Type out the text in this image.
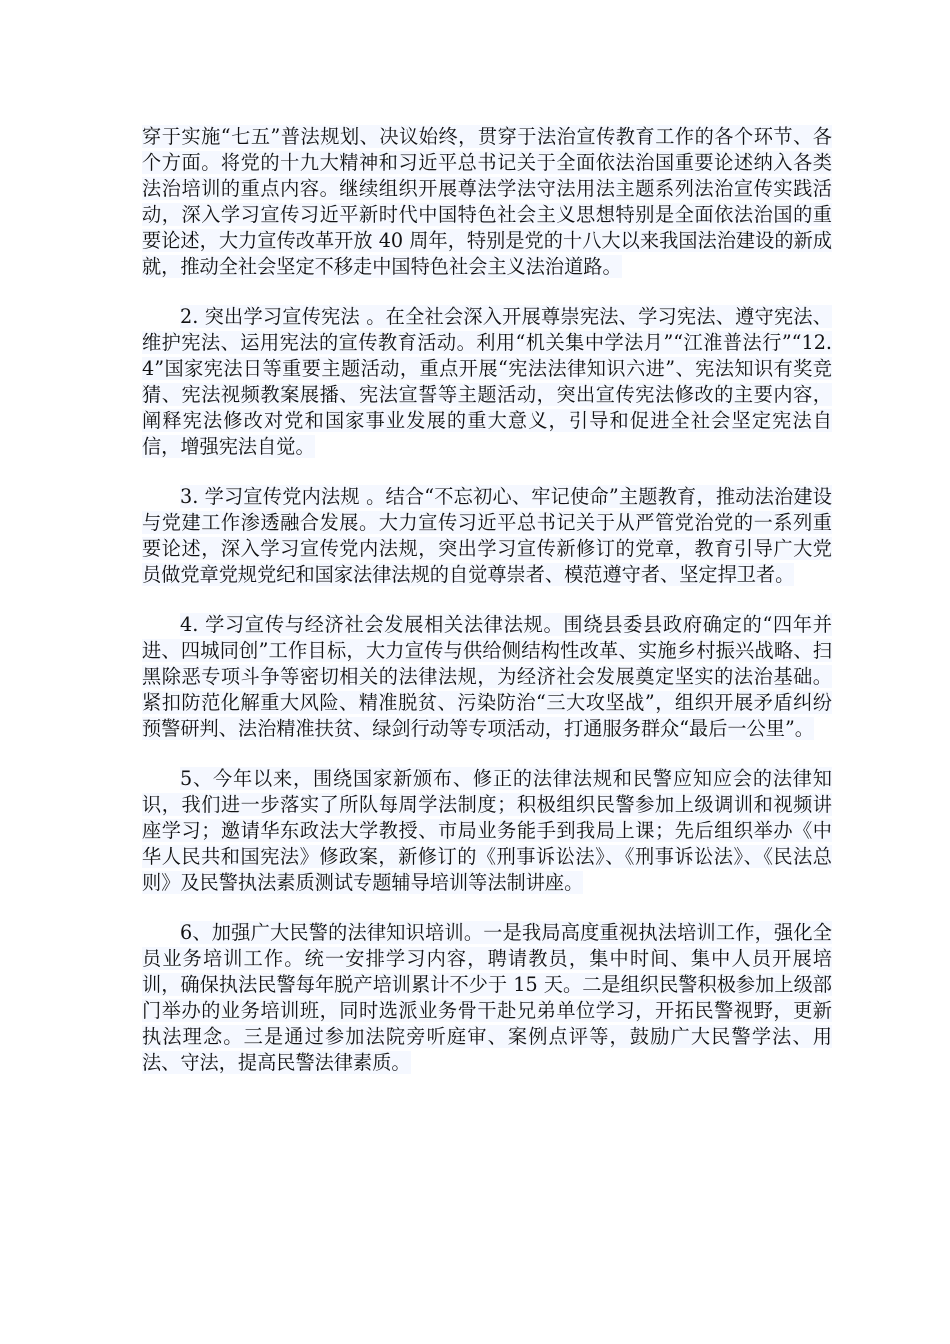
穿于实施“七五”普法规划、决议始终，贯穿于法治宣传教育工作的各个环节、各个方面。将党的十九大精神和习近平总书记关于全面依法治国重要论述纳入各类法治培训的重点内容。继续组织开展尊法学法守法用法主题系列法治宣传实践活动，深入学习宣传习近平新时代中国特色社会主义思想特别是全面依法治国的重要论述，大力宣传改革开放 40 周年，特别是党的十八大以来我国法治建设的新成就，推动全社会坚定不移走中国特色社会主义法治道路。

2. 突出学习宣传宪法 。在全社会深入开展尊崇宪法、学习宪法、遵守宪法、维护宪法、运用宪法的宣传教育活动。利用“机关集中学法月”“江淮普法行”“12.4”国家宪法日等重要主题活动，重点开展“宪法法律知识六进”、宪法知识有奖竞猜、宪法视频教案展播、宪法宣誓等主题活动，突出宣传宪法修改的主要内容，阐释宪法修改对党和国家事业发展的重大意义，引导和促进全社会坚定宪法自信，增强宪法自觉。

3. 学习宣传党内法规 。结合“不忘初心、牢记使命”主题教育，推动法治建设与党建工作渗透融合发展。大力宣传习近平总书记关于从严管党治党的一系列重要论述，深入学习宣传党内法规，突出学习宣传新修订的党章，教育引导广大党员做党章党规党纪和国家法律法规的自觉尊崇者、模范遵守者、坚定捍卫者。

4. 学习宣传与经济社会发展相关法律法规。围绕县委县政府确定的“四年并进、四城同创”工作目标，大力宣传与供给侧结构性改革、实施乡村振兴战略、扫黑除恶专项斗争等密切相关的法律法规，为经济社会发展奠定坚实的法治基础。紧扣防范化解重大风险、精准脱贫、污染防治“三大攻坚战”，组织开展矛盾纠纷预警研判、法治精准扶贫、绿剑行动等专项活动，打通服务群众“最后一公里”。

5、今年以来，围绕国家新颁布、修正的法律法规和民警应知应会的法律知识，我们进一步落实了所队每周学法制度；积极组织民警参加上级调训和视频讲座学习；邀请华东政法大学教授、市局业务能手到我局上课；先后组织举办《中华人民共和国宪法》修政案，新修订的《刑事诉讼法》、《刑事诉讼法》、《民法总则》及民警执法素质测试专题辅导培训等法制讲座。

6、加强广大民警的法律知识培训。一是我局高度重视执法培训工作，强化全员业务培训工作。统一安排学习内容，聘请教员，集中时间、集中人员开展培训，确保执法民警每年脱产培训累计不少于 15 天。二是组织民警积极参加上级部门举办的业务培训班，同时选派业务骨干赴兄弟单位学习，开拓民警视野，更新执法理念。三是通过参加法院旁听庭审、案例点评等，鼓励广大民警学法、用法、守法，提高民警法律素质。
